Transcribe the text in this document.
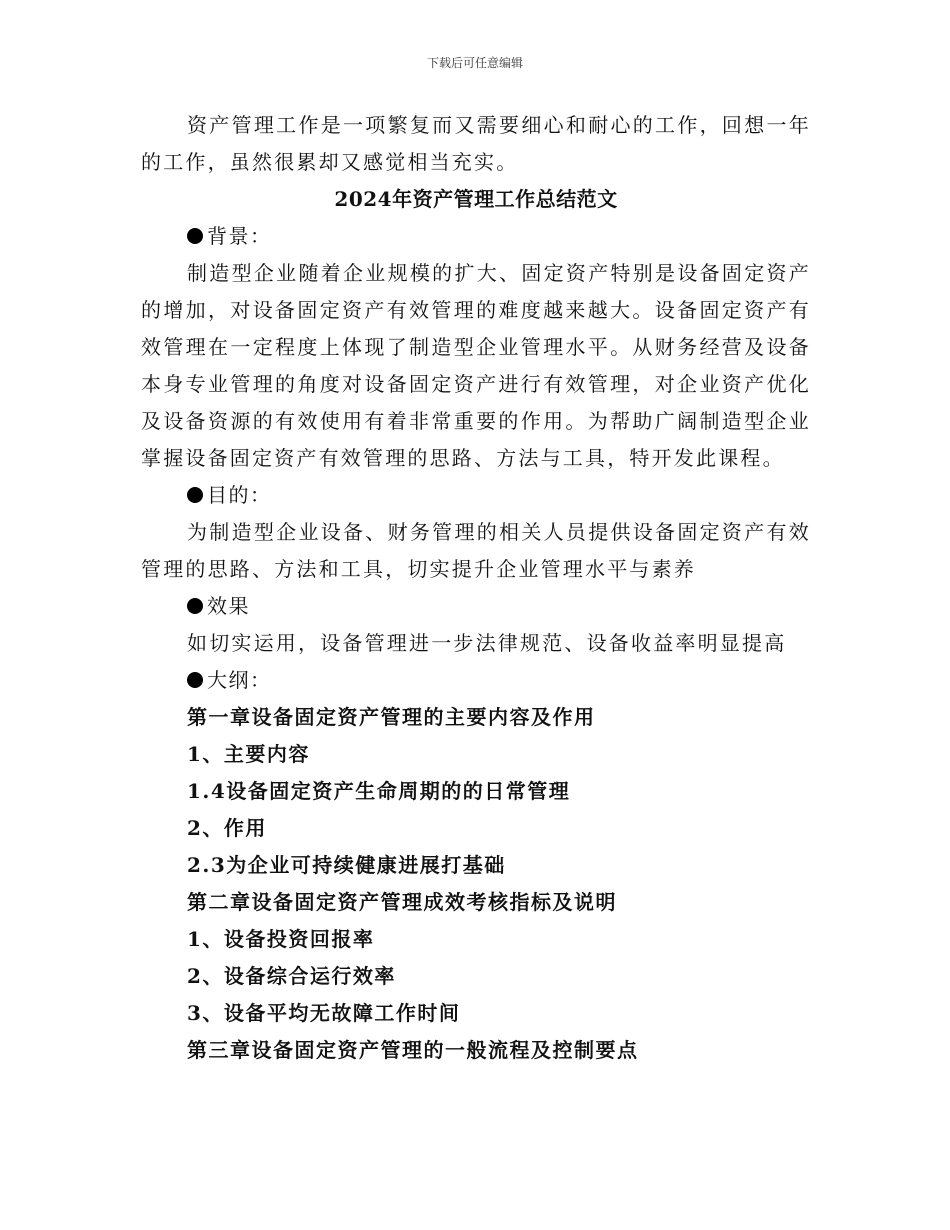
下载后可任意编辑

资产管理工作是一项繁复而又需要细心和耐心的工作，回想一年的工作，虽然很累却又感觉相当充实。

2024年资产管理工作总结范文

背景：

制造型企业随着企业规模的扩大、固定资产特别是设备固定资产的增加，对设备固定资产有效管理的难度越来越大。设备固定资产有效管理在一定程度上体现了制造型企业管理水平。从财务经营及设备本身专业管理的角度对设备固定资产进行有效管理，对企业资产优化及设备资源的有效使用有着非常重要的作用。为帮助广阔制造型企业掌握设备固定资产有效管理的思路、方法与工具，特开发此课程。

目的：

为制造型企业设备、财务管理的相关人员提供设备固定资产有效管理的思路、方法和工具，切实提升企业管理水平与素养

效果

如切实运用，设备管理进一步法律规范、设备收益率明显提高

大纲：

第一章设备固定资产管理的主要内容及作用

1、主要内容

1.4设备固定资产生命周期的的日常管理

2、作用

2.3为企业可持续健康进展打基础

第二章设备固定资产管理成效考核指标及说明

1、设备投资回报率

2、设备综合运行效率

3、设备平均无故障工作时间

第三章设备固定资产管理的一般流程及控制要点
